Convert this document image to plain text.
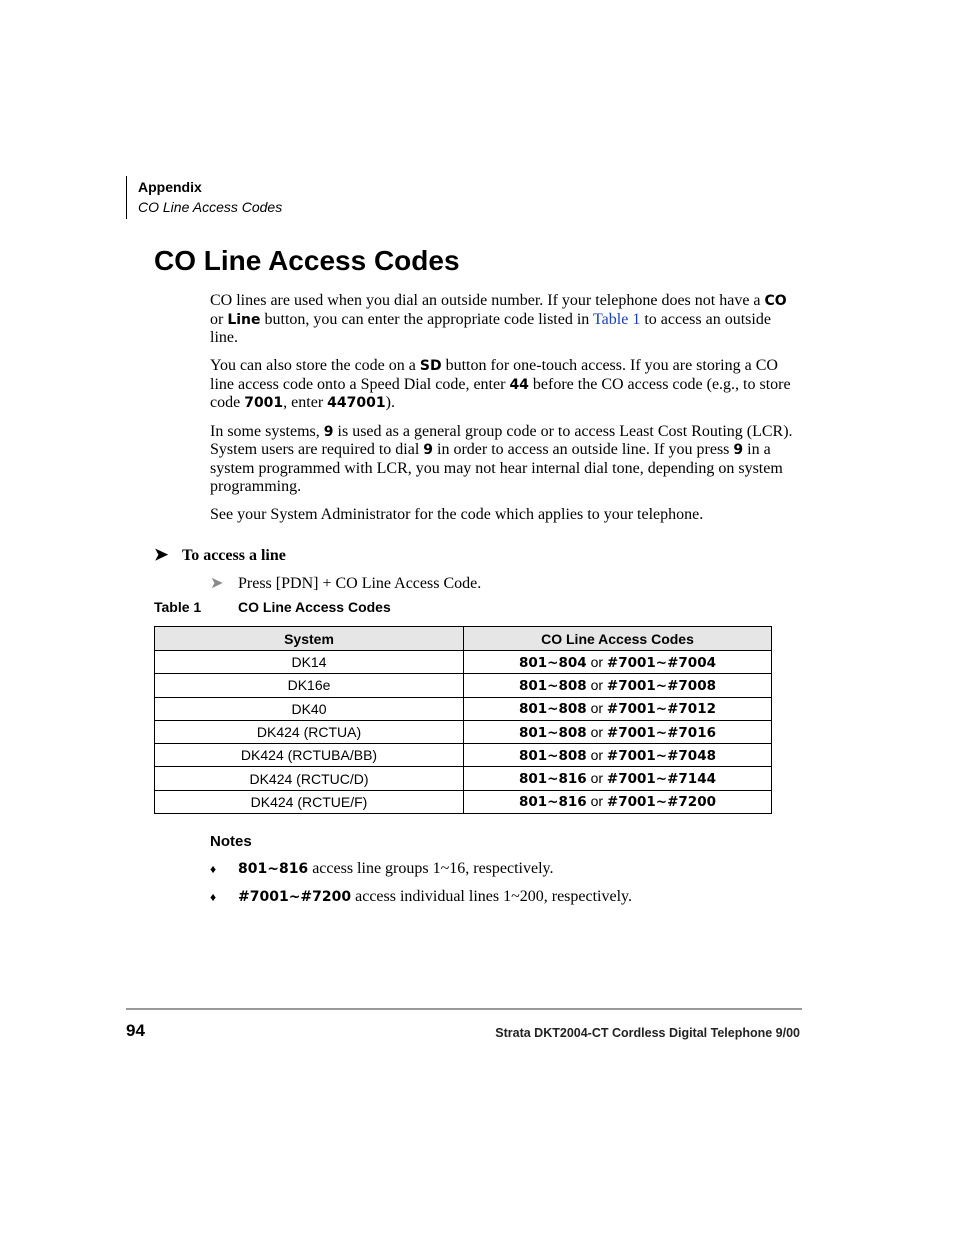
Appendix
CO Line Access Codes
CO Line Access Codes

CO lines are used when you dial an outside number. If your telephone does not have a CO or Line button, you can enter the appropriate code listed in Table 1 to access an outside line.

You can also store the code on a SD button for one-touch access. If you are storing a CO line access code onto a Speed Dial code, enter 44 before the CO access code (e.g., to store code 7001, enter 447001).

In some systems, 9 is used as a general group code or to access Least Cost Routing (LCR). System users are required to dial 9 in order to access an outside line. If you press 9 in a system programmed with LCR, you may not hear internal dial tone, depending on system programming.

See your System Administrator for the code which applies to your telephone.

➤ To access a line
➤ Press [PDN] + CO Line Access Code.
Table 1	CO Line Access Codes
System	CO Line Access Codes
DK14	801~804 or #7001~#7004
DK16e	801~808 or #7001~#7008
DK40	801~808 or #7001~#7012
DK424 (RCTUA)	801~808 or #7001~#7016
DK424 (RCTUBA/BB)	801~808 or #7001~#7048
DK424 (RCTUC/D)	801~816 or #7001~#7144
DK424 (RCTUE/F)	801~816 or #7001~#7200
Notes
♦ 801~816 access line groups 1~16, respectively.
♦ #7001~#7200 access individual lines 1~200, respectively.
94	Strata DKT2004-CT Cordless Digital Telephone 9/00
